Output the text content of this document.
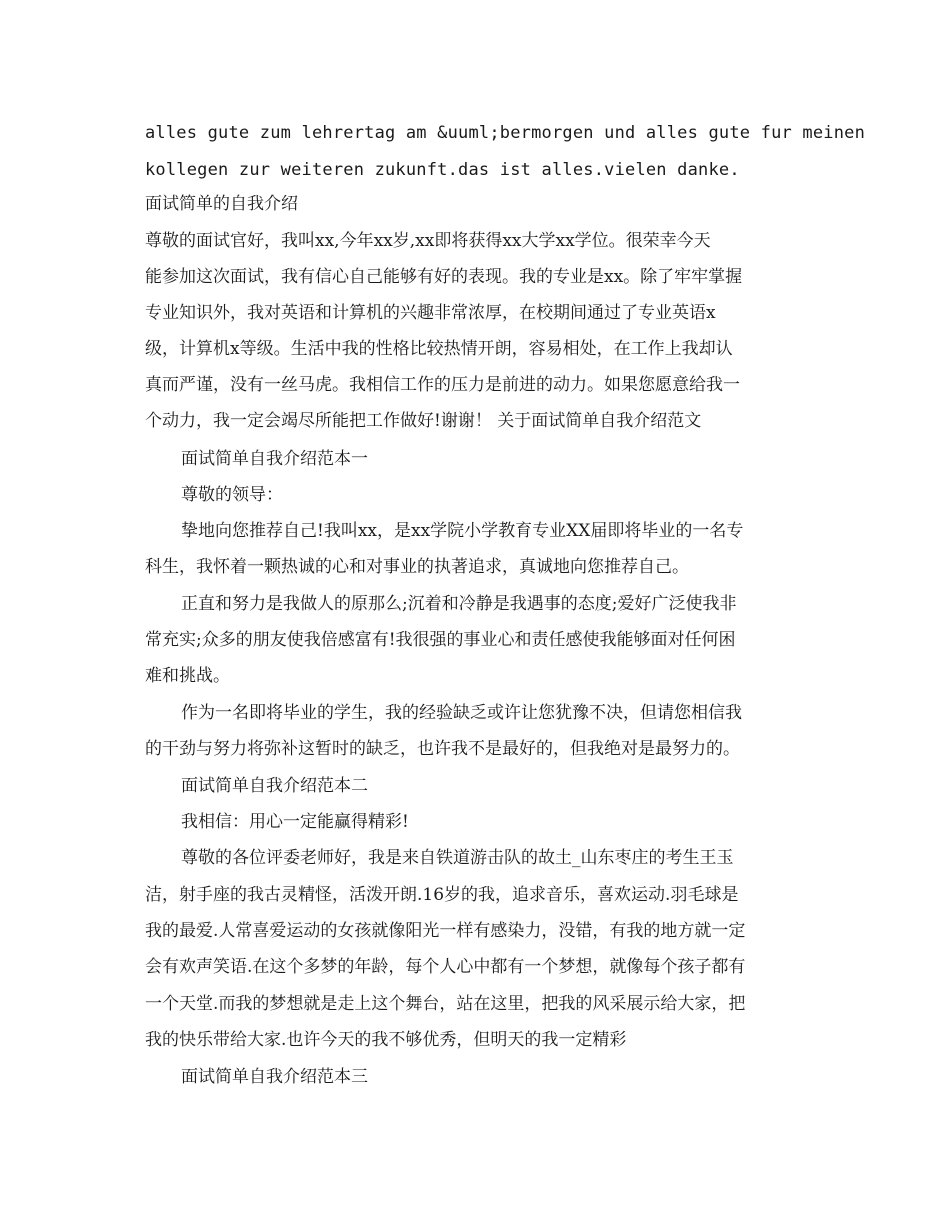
alles gute zum lehrertag am &uuml;bermorgen und alles gute fur meinen

kollegen zur weiteren zukunft.das ist alles.vielen danke.

面试简单的自我介绍

尊敬的面试官好，我叫xx,今年xx岁,xx即将获得xx大学xx学位。很荣幸今天

能参加这次面试，我有信心自己能够有好的表现。我的专业是xx。除了牢牢掌握

专业知识外，我对英语和计算机的兴趣非常浓厚，在校期间通过了专业英语x

级，计算机x等级。生活中我的性格比较热情开朗，容易相处，在工作上我却认

真而严谨，没有一丝马虎。我相信工作的压力是前进的动力。如果您愿意给我一

个动力，我一定会竭尽所能把工作做好!谢谢！ 关于面试简单自我介绍范文

面试简单自我介绍范本一

尊敬的领导：

挚地向您推荐自己!我叫xx，是xx学院小学教育专业XX届即将毕业的一名专

科生，我怀着一颗热诚的心和对事业的执著追求，真诚地向您推荐自己。

正直和努力是我做人的原那么;沉着和冷静是我遇事的态度;爱好广泛使我非

常充实;众多的朋友使我倍感富有!我很强的事业心和责任感使我能够面对任何困

难和挑战。

作为一名即将毕业的学生，我的经验缺乏或许让您犹豫不决，但请您相信我

的干劲与努力将弥补这暂时的缺乏，也许我不是最好的，但我绝对是最努力的。

面试简单自我介绍范本二

我相信：用心一定能赢得精彩!

尊敬的各位评委老师好，我是来自铁道游击队的故土_山东枣庄的考生王玉

洁，射手座的我古灵精怪，活泼开朗.16岁的我，追求音乐，喜欢运动.羽毛球是

我的最爱.人常喜爱运动的女孩就像阳光一样有感染力，没错，有我的地方就一定

会有欢声笑语.在这个多梦的年龄，每个人心中都有一个梦想，就像每个孩子都有

一个天堂.而我的梦想就是走上这个舞台，站在这里，把我的风采展示给大家，把

我的快乐带给大家.也许今天的我不够优秀，但明天的我一定精彩

面试简单自我介绍范本三
